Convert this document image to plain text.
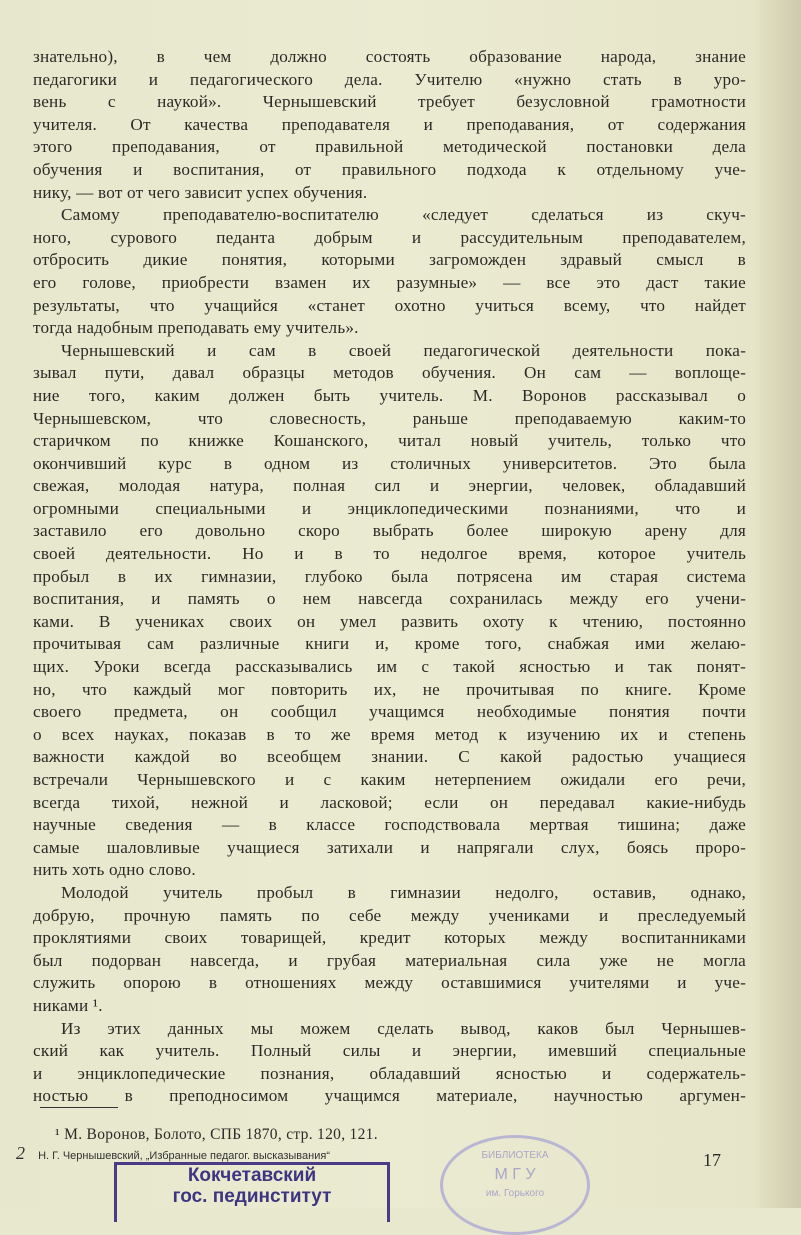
знательно), в чем должно состоять образование народа, знание
педагогики и педагогического дела. Учителю «нужно стать в уро-
вень с наукой». Чернышевский требует безусловной грамотности
учителя. От качества преподавателя и преподавания, от содержания
этого преподавания, от правильной методической постановки дела
обучения и воспитания, от правильного подхода к отдельному уче-
нику, — вот от чего зависит успех обучения.
Самому преподавателю-воспитателю «следует сделаться из скуч-
ного, сурового педанта добрым и рассудительным преподавателем,
отбросить дикие понятия, которыми загроможден здравый смысл в
его голове, приобрести взамен их разумные» — все это даст такие
результаты, что учащийся «станет охотно учиться всему, что найдет
тогда надобным преподавать ему учитель».
Чернышевский и сам в своей педагогической деятельности пока-
зывал пути, давал образцы методов обучения. Он сам — воплоще-
ние того, каким должен быть учитель. М. Воронов рассказывал о
Чернышевском, что словесность, раньше преподаваемую каким-то
старичком по книжке Кошанского, читал новый учитель, только что
окончивший курс в одном из столичных университетов. Это была
свежая, молодая натура, полная сил и энергии, человек, обладавший
огромными специальными и энциклопедическими познаниями, что и
заставило его довольно скоро выбрать более широкую арену для
своей деятельности. Но и в то недолгое время, которое учитель
пробыл в их гимназии, глубоко была потрясена им старая система
воспитания, и память о нем навсегда сохранилась между его учени-
ками. В учениках своих он умел развить охоту к чтению, постоянно
прочитывая сам различные книги и, кроме того, снабжая ими желаю-
щих. Уроки всегда рассказывались им с такой ясностью и так понят-
но, что каждый мог повторить их, не прочитывая по книге. Кроме
своего предмета, он сообщил учащимся необходимые понятия почти
о всех науках, показав в то же время метод к изучению их и степень
важности каждой во всеобщем знании. С какой радостью учащиеся
встречали Чернышевского и с каким нетерпением ожидали его речи,
всегда тихой, нежной и ласковой; если он передавал какие-нибудь
научные сведения — в классе господствовала мертвая тишина; даже
самые шаловливые учащиеся затихали и напрягали слух, боясь проро-
нить хоть одно слово.
Молодой учитель пробыл в гимназии недолго, оставив, однако,
добрую, прочную память по себе между учениками и преследуемый
проклятиями своих товарищей, кредит которых между воспитанниками
был подорван навсегда, и грубая материальная сила уже не могла
служить опорою в отношениях между оставшимися учителями и уче-
никами ¹.
Из этих данных мы можем сделать вывод, каков был Чернышев-
ский как учитель. Полный силы и энергии, имевший специальные
и энциклопедические познания, обладавший ясностью и содержатель-
ностью в преподносимом учащимся материале, научностью аргумен-
¹ М. Воронов, Болото, СПБ 1870, стр. 120, 121.
2 Н. Г. Чернышевский, „Избранные педагог. высказывания“	17
Кокчетавский
гос. пединститут
БИБЛИОТЕКА
М Г У
им. Горького
